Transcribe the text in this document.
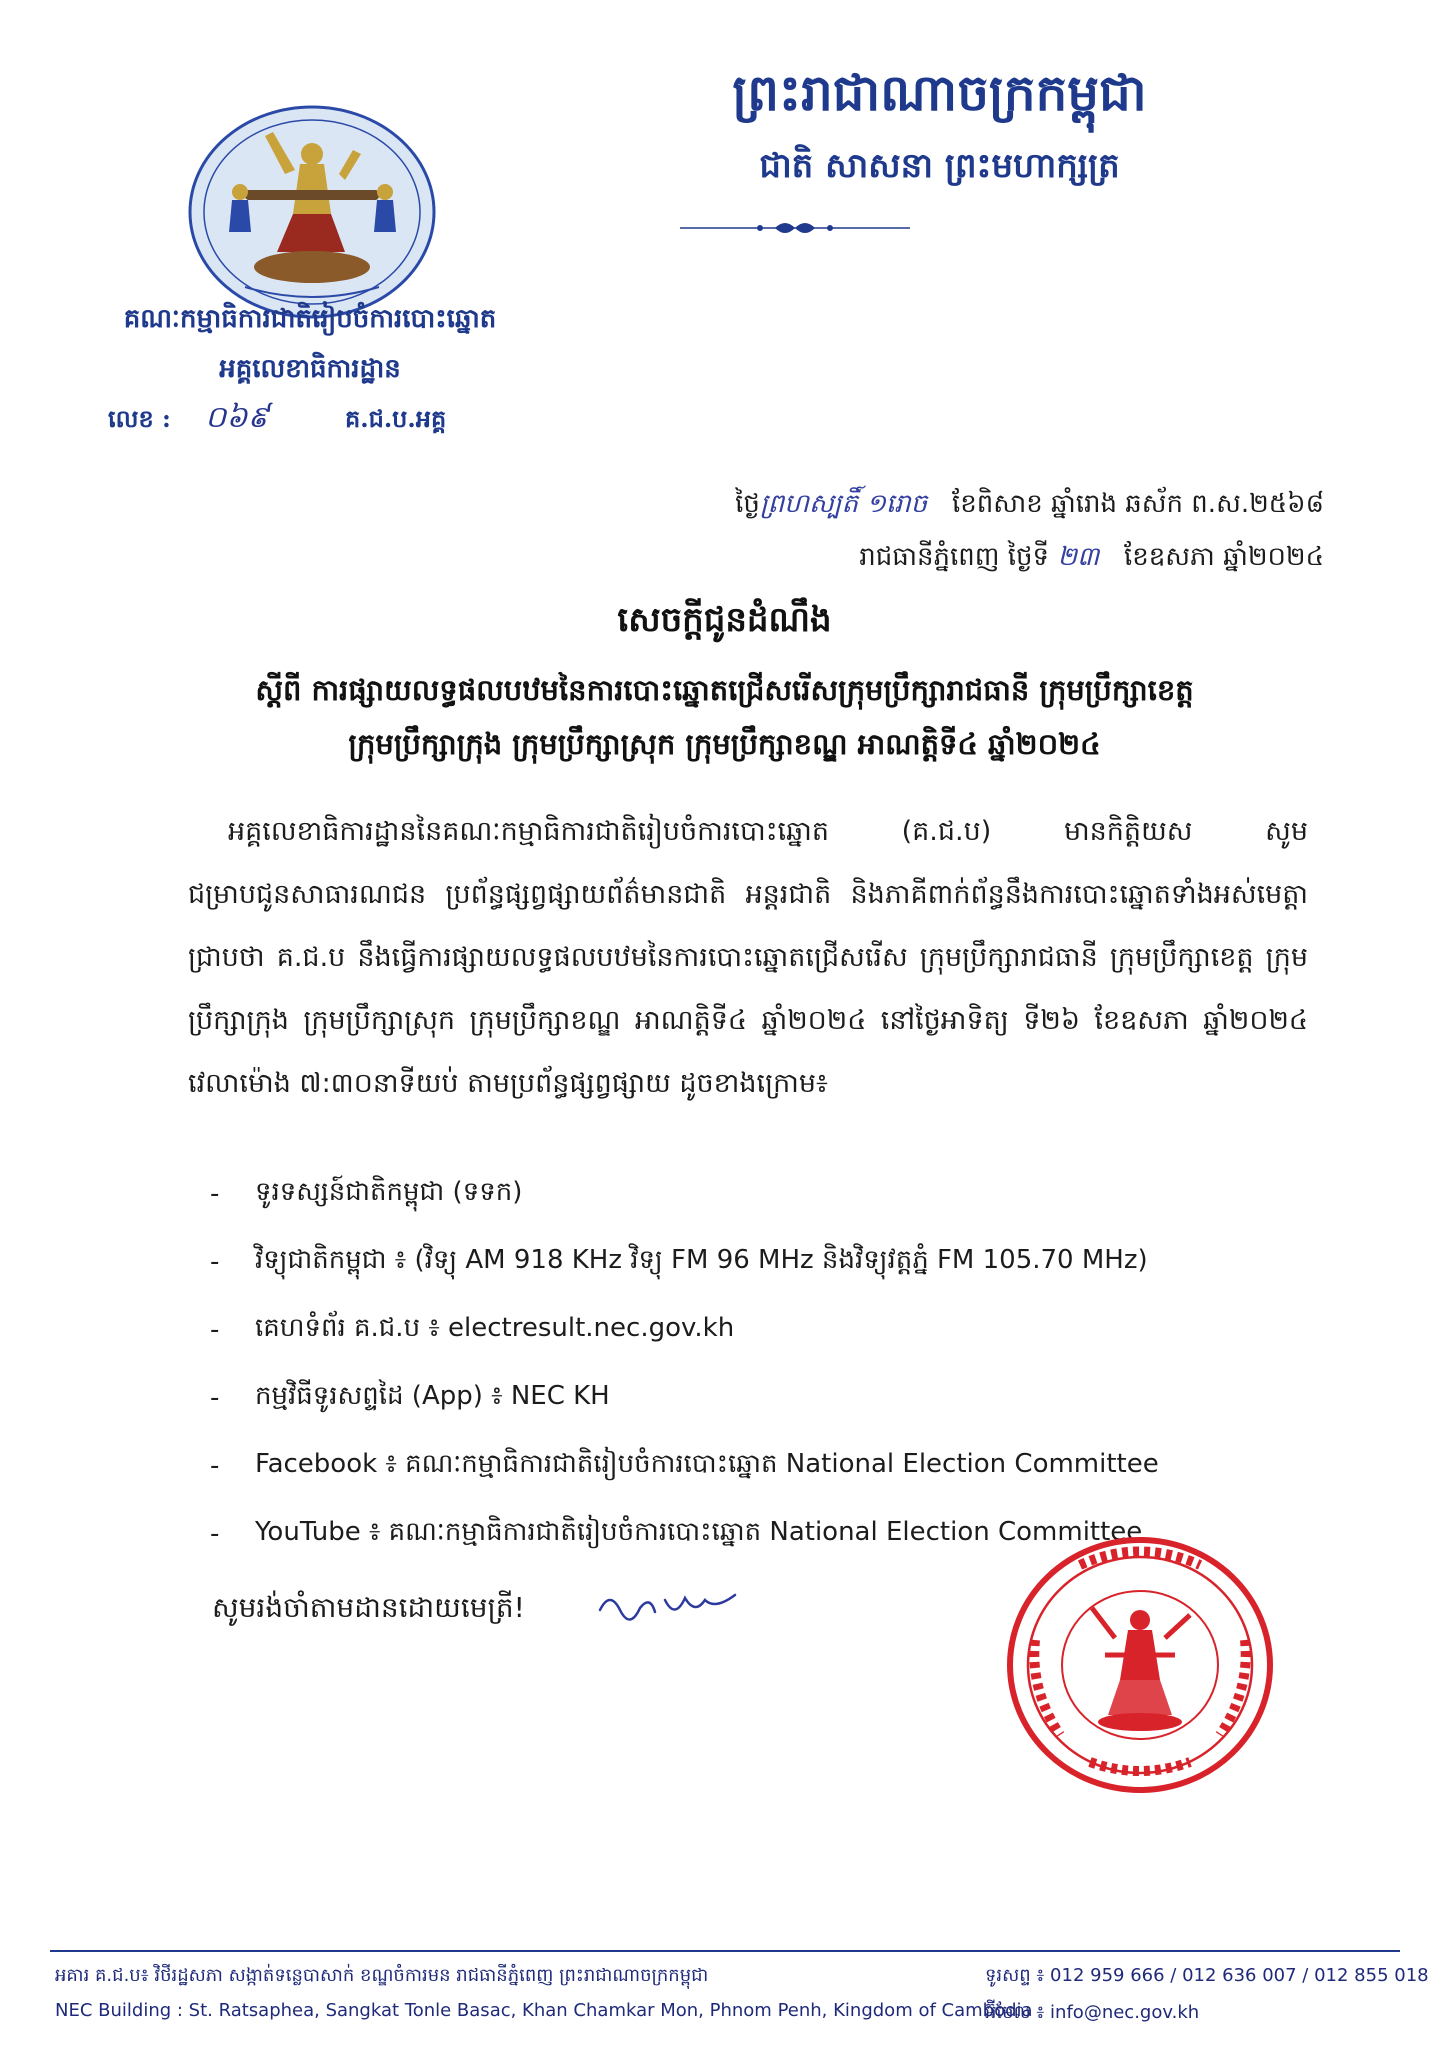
ព្រះរាជាណាចក្រកម្ពុជា
ជាតិ សាសនា ព្រះមហាក្សត្រ
គណៈកម្មាធិការជាតិរៀបចំការបោះឆ្នោត
អគ្គលេខាធិការដ្ឋាន
លេខ : ០៦៩	គ.ជ.ប.អគ្គ
ថ្ងៃព្រហស្បតិ៍ ១រោច ខែពិសាខ ឆ្នាំរោង ឆស័ក ព.ស.២៥៦៨
រាជធានីភ្នំពេញ ថ្ងៃទី ២៣ ខែឧសភា ឆ្នាំ២០២៤
សេចក្តីជូនដំណឹង
ស្តីពី ការផ្សាយលទ្ធផលបឋមនៃការបោះឆ្នោតជ្រើសរើសក្រុមប្រឹក្សារាជធានី ក្រុមប្រឹក្សាខេត្ត
ក្រុមប្រឹក្សាក្រុង ក្រុមប្រឹក្សាស្រុក ក្រុមប្រឹក្សាខណ្ឌ អាណត្តិទី៤ ឆ្នាំ២០២៤
អគ្គលេខាធិការដ្ឋាននៃគណៈកម្មាធិការជាតិរៀបចំការបោះឆ្នោត (គ.ជ.ប) មានកិត្តិយស សូមជម្រាបជូនសាធារណជន ប្រព័ន្ធផ្សព្វផ្សាយព័ត៌មានជាតិ អន្តរជាតិ និងភាគីពាក់ព័ន្ធនឹងការបោះឆ្នោតទាំងអស់មេត្តាជ្រាបថា គ.ជ.ប នឹងធ្វើការផ្សាយលទ្ធផលបឋមនៃការបោះឆ្នោតជ្រើសរើស ក្រុមប្រឹក្សារាជធានី ក្រុមប្រឹក្សាខេត្ត ក្រុមប្រឹក្សាក្រុង ក្រុមប្រឹក្សាស្រុក ក្រុមប្រឹក្សាខណ្ឌ អាណត្តិទី៤ ឆ្នាំ២០២៤ នៅថ្ងៃអាទិត្យ ទី២៦ ខែឧសភា ឆ្នាំ២០២៤ វេលាម៉ោង ៧:៣០នាទីយប់ តាមប្រព័ន្ធផ្សព្វផ្សាយ ដូចខាងក្រោម៖
-	ទូរទស្សន៍ជាតិកម្ពុជា (ទទក)
-	វិទ្យុជាតិកម្ពុជា ៖ (វិទ្យុ AM 918 KHz វិទ្យុ FM 96 MHz និងវិទ្យុវត្តភ្នំ FM 105.70 MHz)
-	គេហទំព័រ គ.ជ.ប ៖ electresult.nec.gov.kh
-	កម្មវិធីទូរសព្ទដៃ (App) ៖ NEC KH
-	Facebook ៖ គណៈកម្មាធិការជាតិរៀបចំការបោះឆ្នោត National Election Committee
-	YouTube ៖ គណៈកម្មាធិការជាតិរៀបចំការបោះឆ្នោត National Election Committee
សូមរង់ចាំតាមដានដោយមេត្រី!
អគារ គ.ជ.ប៖ វិថីរដ្ឋសភា សង្កាត់ទន្លេបាសាក់ ខណ្ឌចំការមន រាជធានីភ្នំពេញ ព្រះរាជាណាចក្រកម្ពុជា
NEC Building : St. Ratsaphea, Sangkat Tonle Basac, Khan Chamkar Mon, Phnom Penh, Kingdom of Cambodia
ទូរសព្ទ ៖ 012 959 666 / 012 636 007 / 012 855 018
អ៊ីមែល ៖ info@nec.gov.kh
